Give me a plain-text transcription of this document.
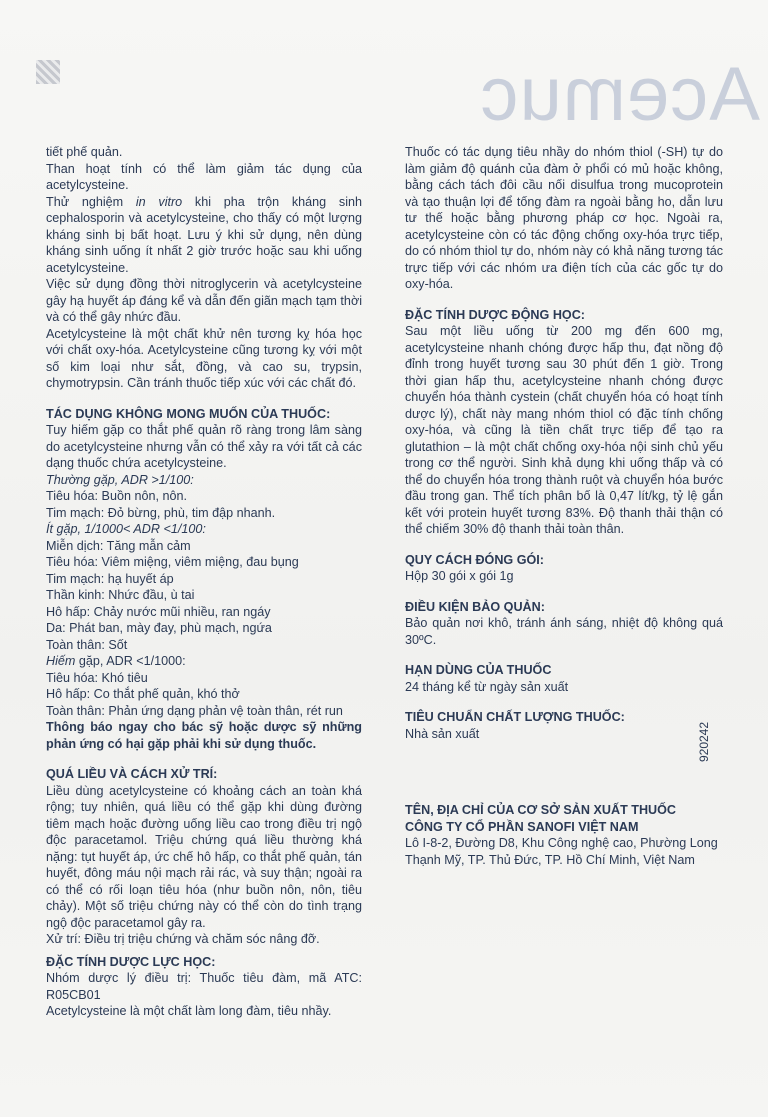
Acemuc

tiết phế quản.

Than hoạt tính có thể làm giảm tác dụng của acetylcysteine.

Thử nghiệm in vitro khi pha trộn kháng sinh cephalosporin và acetylcysteine, cho thấy có một lượng kháng sinh bị bất hoạt. Lưu ý khi sử dụng, nên dùng kháng sinh uống ít nhất 2 giờ trước hoặc sau khi uống acetylcysteine.

Việc sử dụng đồng thời nitroglycerin và acetylcysteine gây hạ huyết áp đáng kể và dẫn đến giãn mạch tạm thời và có thể gây nhức đầu.

Acetylcysteine là một chất khử nên tương kỵ hóa học với chất oxy-hóa. Acetylcysteine cũng tương kỵ với một số kim loại như sắt, đồng, và cao su, trypsin, chymotrypsin. Cần tránh thuốc tiếp xúc với các chất đó.

TÁC DỤNG KHÔNG MONG MUỐN CỦA THUỐC:

Tuy hiếm gặp co thắt phế quản rõ ràng trong lâm sàng do acetylcysteine nhưng vẫn có thể xảy ra với tất cả các dạng thuốc chứa acetylcysteine.

Thường gặp, ADR >1/100:

Tiêu hóa: Buồn nôn, nôn.

Tim mạch: Đỏ bừng, phù, tim đập nhanh.

Ít gặp, 1/1000< ADR <1/100:

Miễn dịch: Tăng mẫn cảm

Tiêu hóa: Viêm miệng, viêm miệng, đau bụng

Tim mạch: hạ huyết áp

Thần kinh: Nhức đầu, ù tai

Hô hấp: Chảy nước mũi nhiều, ran ngáy

Da: Phát ban, mày đay, phù mạch, ngứa

Toàn thân: Sốt

Hiếm gặp, ADR <1/1000:

Tiêu hóa: Khó tiêu

Hô hấp: Co thắt phế quản, khó thở

Toàn thân: Phản ứng dạng phản vệ toàn thân, rét run

Thông báo ngay cho bác sỹ hoặc dược sỹ những phản ứng có hại gặp phải khi sử dụng thuốc.

QUÁ LIỀU VÀ CÁCH XỬ TRÍ:

Liều dùng acetylcysteine có khoảng cách an toàn khá rộng; tuy nhiên, quá liều có thể gặp khi dùng đường tiêm mạch hoặc đường uống liều cao trong điều trị ngộ độc paracetamol. Triệu chứng quá liều thường khá nặng: tụt huyết áp, ức chế hô hấp, co thắt phế quản, tán huyết, đông máu nội mạch rải rác, và suy thận; ngoài ra có thể có rối loạn tiêu hóa (như buồn nôn, nôn, tiêu chảy). Một số triệu chứng này có thể còn do tình trạng ngộ độc paracetamol gây ra.

Xử trí: Điều trị triệu chứng và chăm sóc nâng đỡ.

ĐẶC TÍNH DƯỢC LỰC HỌC:

Nhóm dược lý điều trị: Thuốc tiêu đàm, mã ATC: R05CB01

Acetylcysteine là một chất làm long đàm, tiêu nhầy.

Thuốc có tác dụng tiêu nhầy do nhóm thiol (-SH) tự do làm giảm độ quánh của đàm ở phổi có mủ hoặc không, bằng cách tách đôi cầu nối disulfua trong mucoprotein và tạo thuận lợi để tống đàm ra ngoài bằng ho, dẫn lưu tư thế hoặc bằng phương pháp cơ học. Ngoài ra, acetylcysteine còn có tác động chống oxy-hóa trực tiếp, do có nhóm thiol tự do, nhóm này có khả năng tương tác trực tiếp với các nhóm ưa điện tích của các gốc tự do oxy-hóa.

ĐẶC TÍNH DƯỢC ĐỘNG HỌC:

Sau một liều uống từ 200 mg đến 600 mg, acetylcysteine nhanh chóng được hấp thu, đạt nồng độ đỉnh trong huyết tương sau 30 phút đến 1 giờ. Trong thời gian hấp thu, acetylcysteine nhanh chóng được chuyển hóa thành cystein (chất chuyển hóa có hoạt tính dược lý), chất này mang nhóm thiol có đặc tính chống oxy-hóa, và cũng là tiền chất trực tiếp để tạo ra glutathion – là một chất chống oxy-hóa nội sinh chủ yếu trong cơ thể người. Sinh khả dụng khi uống thấp và có thể do chuyển hóa trong thành ruột và chuyển hóa bước đầu trong gan. Thể tích phân bố là 0,47 lít/kg, tỷ lệ gắn kết với protein huyết tương 83%. Độ thanh thải thận có thể chiếm 30% độ thanh thải toàn thân.

QUY CÁCH ĐÓNG GÓI:

Hộp 30 gói x gói 1g

ĐIỀU KIỆN BẢO QUẢN:

Bảo quản nơi khô, tránh ánh sáng, nhiệt độ không quá 30ºC.

HẠN DÙNG CỦA THUỐC

24 tháng kể từ ngày sản xuất

TIÊU CHUẨN CHẤT LƯỢNG THUỐC:

Nhà sản xuất

TÊN, ĐỊA CHỈ CỦA CƠ SỞ SẢN XUẤT THUỐC

CÔNG TY CỔ PHẦN SANOFI VIỆT NAM

Lô I-8-2, Đường D8, Khu Công nghệ cao, Phường Long Thạnh Mỹ, TP. Thủ Đức, TP. Hồ Chí Minh, Việt Nam

920242
